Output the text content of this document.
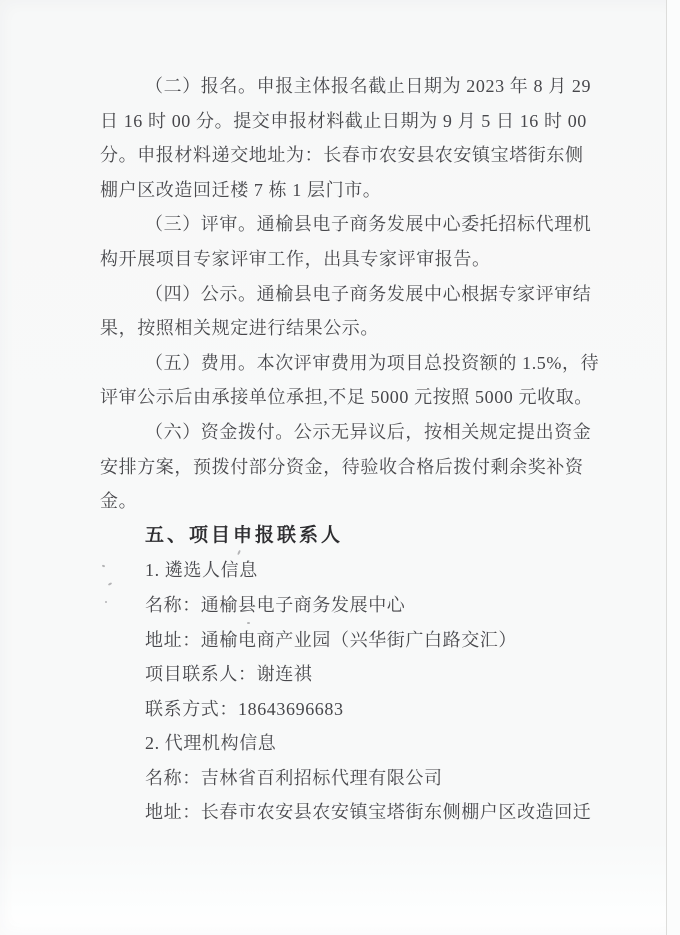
（二）报名。申报主体报名截止日期为 2023 年 8 月 29
日 16 时 00 分。提交申报材料截止日期为 9 月 5 日 16 时 00
分。申报材料递交地址为：长春市农安县农安镇宝塔街东侧
棚户区改造回迁楼 7 栋 1 层门市。
（三）评审。通榆县电子商务发展中心委托招标代理机
构开展项目专家评审工作，出具专家评审报告。
（四）公示。通榆县电子商务发展中心根据专家评审结
果，按照相关规定进行结果公示。
（五）费用。本次评审费用为项目总投资额的 1.5%，待
评审公示后由承接单位承担,不足 5000 元按照 5000 元收取。
（六）资金拨付。公示无异议后，按相关规定提出资金
安排方案，预拨付部分资金，待验收合格后拨付剩余奖补资
金。
五、项目申报联系人
1. 遴选人信息
名称：通榆县电子商务发展中心
地址：通榆电商产业园（兴华街广白路交汇）
项目联系人：谢连祺
联系方式：18643696683
2. 代理机构信息
名称：吉林省百利招标代理有限公司
地址：长春市农安县农安镇宝塔街东侧棚户区改造回迁
